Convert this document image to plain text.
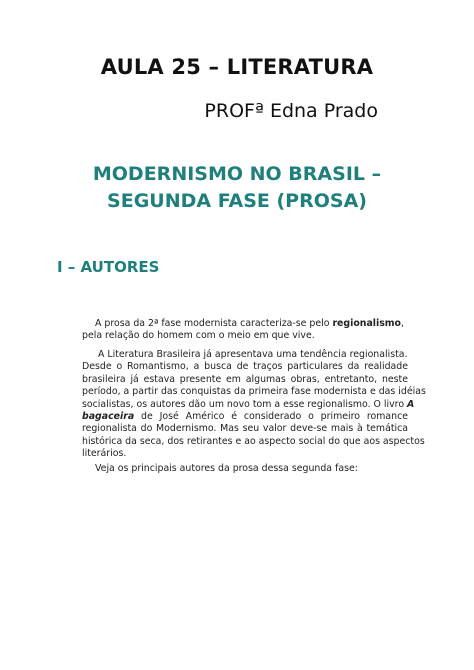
AULA 25 – LITERATURA
PROFª Edna Prado
MODERNISMO NO BRASIL –
SEGUNDA FASE (PROSA)
I – AUTORES
A prosa da 2ª fase modernista caracteriza-se pelo regionalismo,
pela relação do homem com o meio em que vive.
A Literatura Brasileira já apresentava uma tendência regionalista.
Desde o Romantismo, a busca de traços particulares da realidade
brasileira já estava presente em algumas obras, entretanto, neste
período, a partir das conquistas da primeira fase modernista e das idéias
socialistas, os autores dão um novo tom a esse regionalismo. O livro A
bagaceira de José Américo é considerado o primeiro romance
regionalista do Modernismo. Mas seu valor deve-se mais à temática
histórica da seca, dos retirantes e ao aspecto social do que aos aspectos
literários.
Veja os principais autores da prosa dessa segunda fase:
